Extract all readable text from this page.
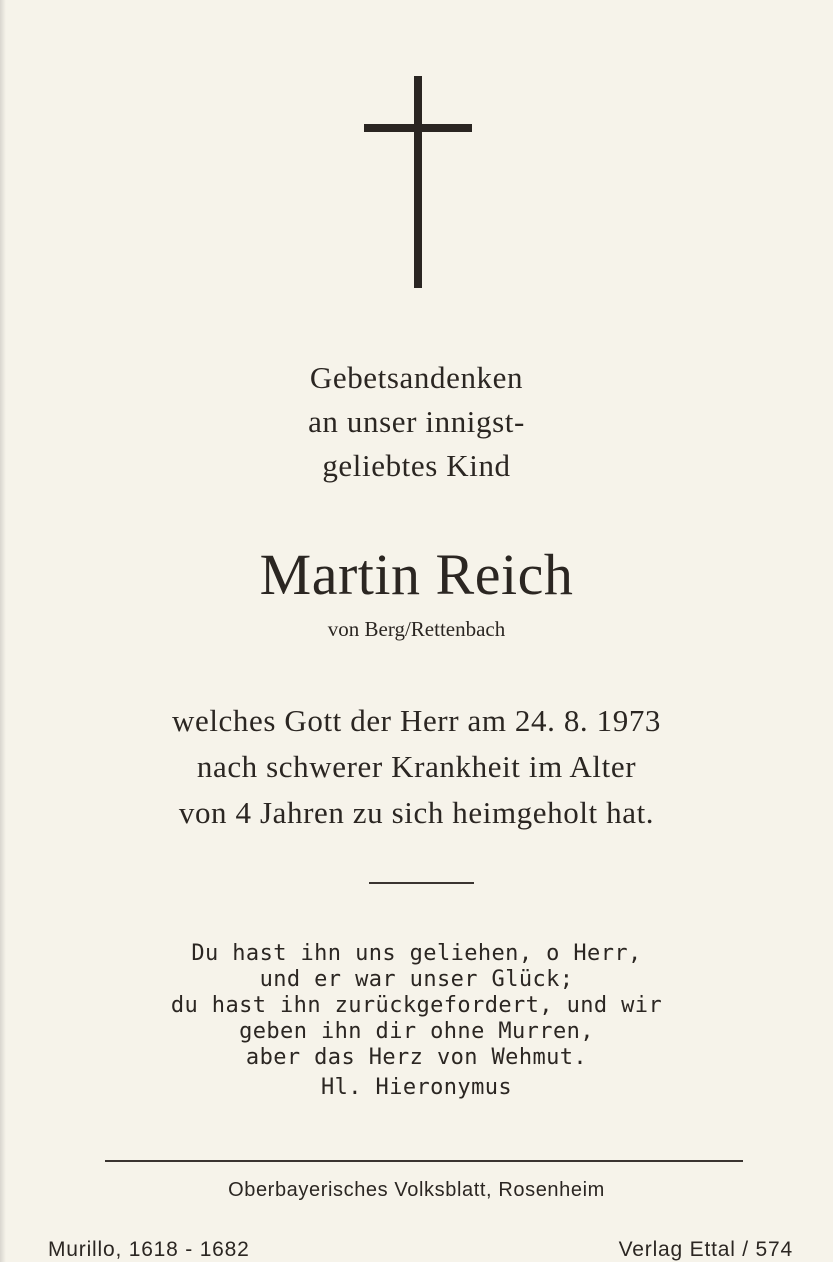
Gebetsandenken
an unser innigst-
geliebtes Kind
Martin Reich
von Berg/Rettenbach
welches Gott der Herr am 24. 8. 1973
nach schwerer Krankheit im Alter
von 4 Jahren zu sich heimgeholt hat.
Du hast ihn uns geliehen, o Herr,
und er war unser Glück;
du hast ihn zurückgefordert, und wir
geben ihn dir ohne Murren,
aber das Herz von Wehmut.
Hl. Hieronymus
Oberbayerisches Volksblatt, Rosenheim
Murillo, 1618 - 1682	Verlag Ettal / 574
